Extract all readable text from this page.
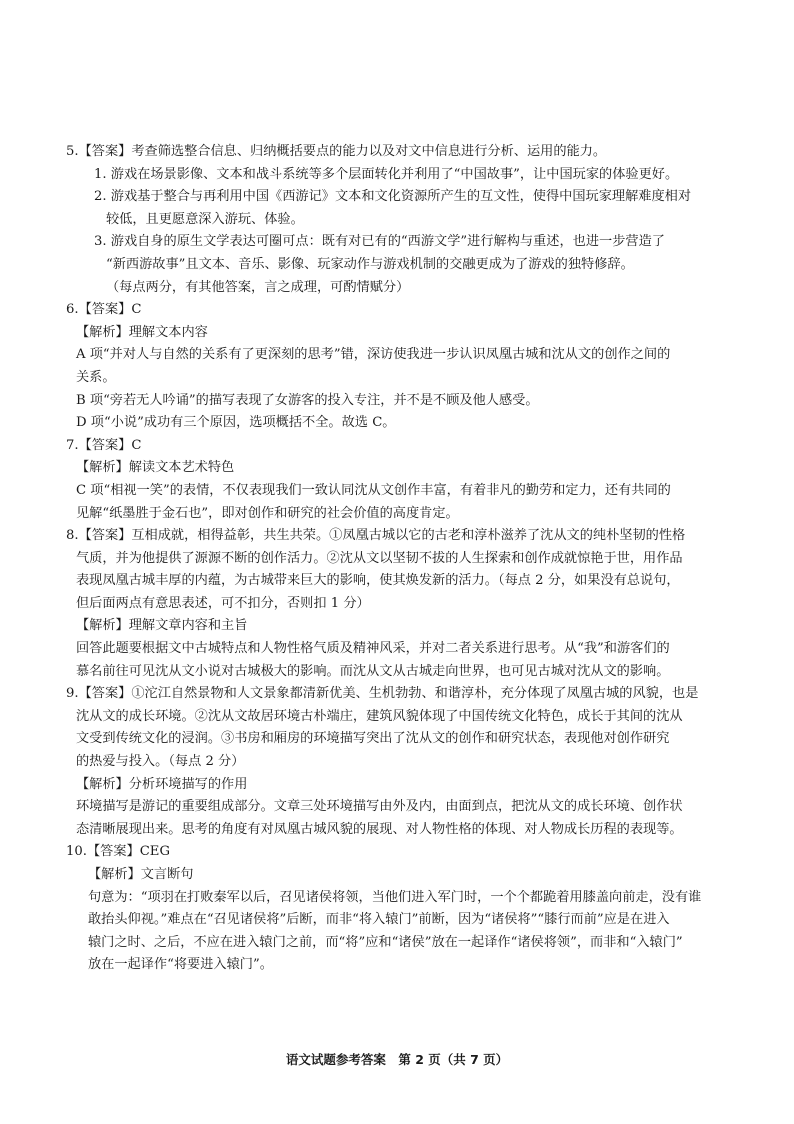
5.【答案】考查筛选整合信息、归纳概括要点的能力以及对文中信息进行分析、运用的能力。
1. 游戏在场景影像、文本和战斗系统等多个层面转化并利用了“中国故事”，让中国玩家的体验更好。
2. 游戏基于整合与再利用中国《西游记》文本和文化资源所产生的互文性，使得中国玩家理解难度相对
较低，且更愿意深入游玩、体验。
3. 游戏自身的原生文学表达可圈可点：既有对已有的“西游文学”进行解构与重述，也进一步营造了
“新西游故事”且文本、音乐、影像、玩家动作与游戏机制的交融更成为了游戏的独特修辞。
（每点两分，有其他答案，言之成理，可酌情赋分）
6.【答案】C
【解析】理解文本内容
A 项“并对人与自然的关系有了更深刻的思考”错，深访使我进一步认识凤凰古城和沈从文的创作之间的
关系。
B 项“旁若无人吟诵”的描写表现了女游客的投入专注，并不是不顾及他人感受。
D 项“小说”成功有三个原因，选项概括不全。故选 C。
7.【答案】C
【解析】解读文本艺术特色
C 项“相视一笑”的表情，不仅表现我们一致认同沈从文创作丰富，有着非凡的勤劳和定力，还有共同的
见解“纸墨胜于金石也”，即对创作和研究的社会价值的高度肯定。
8.【答案】互相成就，相得益彰，共生共荣。①凤凰古城以它的古老和淳朴滋养了沈从文的纯朴坚韧的性格
气质，并为他提供了源源不断的创作活力。②沈从文以坚韧不拔的人生探索和创作成就惊艳于世，用作品
表现凤凰古城丰厚的内蕴，为古城带来巨大的影响，使其焕发新的活力。（每点 2 分，如果没有总说句，
但后面两点有意思表述，可不扣分，否则扣 1 分）
【解析】理解文章内容和主旨
回答此题要根据文中古城特点和人物性格气质及精神风采，并对二者关系进行思考。从“我”和游客们的
慕名前往可见沈从文小说对古城极大的影响。而沈从文从古城走向世界，也可见古城对沈从文的影响。
9.【答案】①沱江自然景物和人文景象都清新优美、生机勃勃、和谐淳朴，充分体现了凤凰古城的风貌，也是
沈从文的成长环境。②沈从文故居环境古朴端庄，建筑风貌体现了中国传统文化特色，成长于其间的沈从
文受到传统文化的浸润。③书房和厢房的环境描写突出了沈从文的创作和研究状态，表现他对创作研究
的热爱与投入。（每点 2 分）
【解析】分析环境描写的作用
环境描写是游记的重要组成部分。文章三处环境描写由外及内，由面到点，把沈从文的成长环境、创作状
态清晰展现出来。思考的角度有对凤凰古城风貌的展现、对人物性格的体现、对人物成长历程的表现等。
10.【答案】CEG
【解析】文言断句
句意为：“项羽在打败秦军以后，召见诸侯将领，当他们进入军门时，一个个都跪着用膝盖向前走，没有谁
敢抬头仰视。”难点在“召见诸侯将”后断，而非“将入辕门”前断，因为“诸侯将”“膝行而前”应是在进入
辕门之时、之后，不应在进入辕门之前，而“将”应和“诸侯”放在一起译作“诸侯将领”，而非和“入辕门”
放在一起译作“将要进入辕门”。
语文试题参考答案　第 2 页（共 7 页）
